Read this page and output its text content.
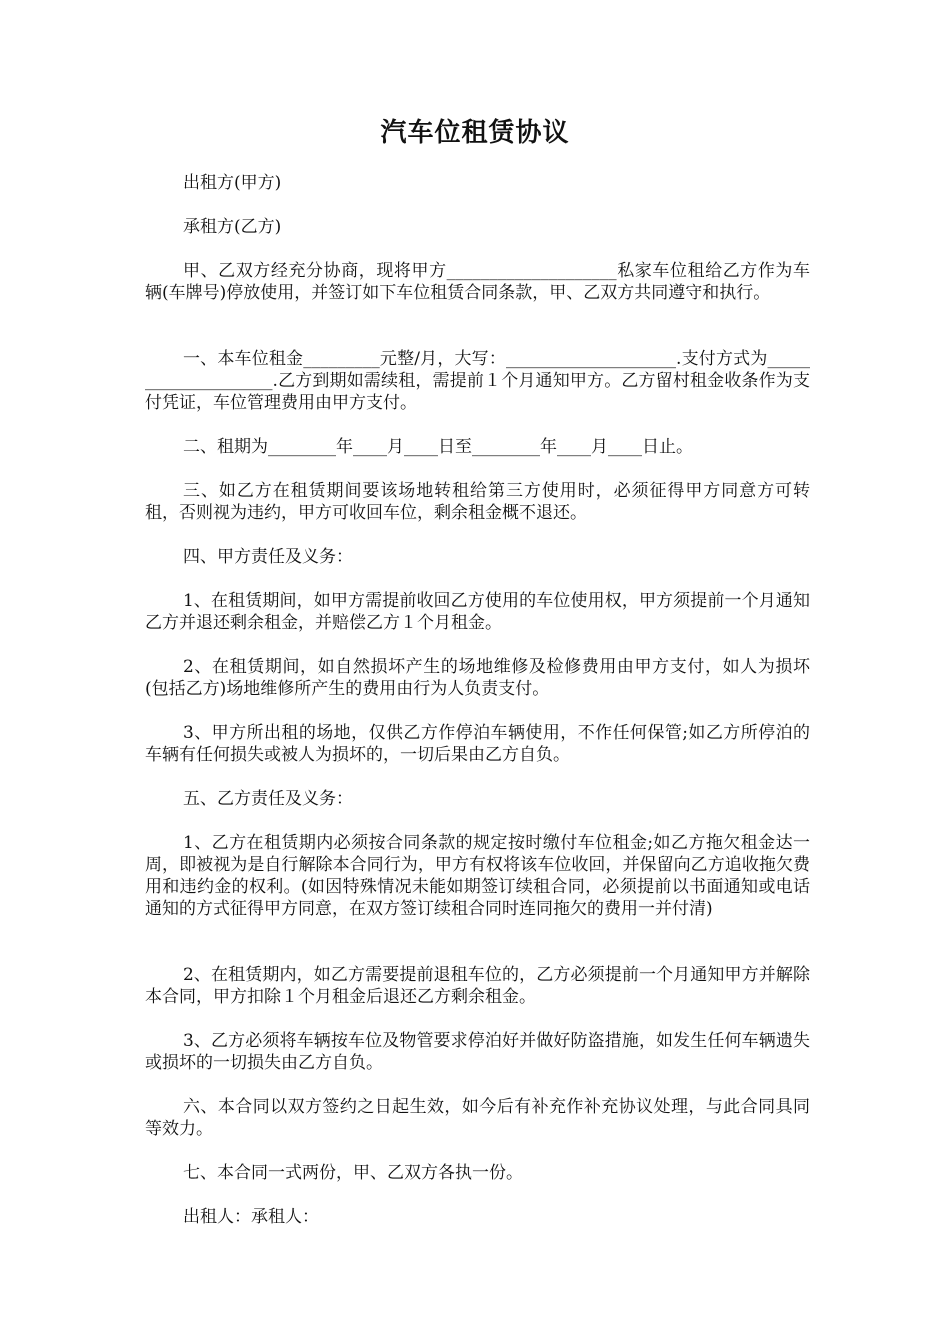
汽车位租赁协议

出租方(甲方)

承租方(乙方)

甲、乙双方经充分协商，现将甲方____________________私家车位租给乙方作为车辆(车牌号)停放使用，并签订如下车位租赁合同条款，甲、乙双方共同遵守和执行。

一、本车位租金_________元整/月，大写：____________________.支付方式为____________________.乙方到期如需续租，需提前１个月通知甲方。乙方留村租金收条作为支付凭证，车位管理费用由甲方支付。

二、租期为________年____月____日至________年____月____日止。

三、如乙方在租赁期间要该场地转租给第三方使用时，必须征得甲方同意方可转租，否则视为违约，甲方可收回车位，剩余租金概不退还。

四、甲方责任及义务：

1、在租赁期间，如甲方需提前收回乙方使用的车位使用权，甲方须提前一个月通知乙方并退还剩余租金，并赔偿乙方１个月租金。

2、在租赁期间，如自然损坏产生的场地维修及检修费用由甲方支付，如人为损坏(包括乙方)场地维修所产生的费用由行为人负责支付。

3、甲方所出租的场地，仅供乙方作停泊车辆使用，不作任何保管;如乙方所停泊的车辆有任何损失或被人为损坏的，一切后果由乙方自负。

五、乙方责任及义务：

1、乙方在租赁期内必须按合同条款的规定按时缴付车位租金;如乙方拖欠租金达一周，即被视为是自行解除本合同行为，甲方有权将该车位收回，并保留向乙方追收拖欠费用和违约金的权利。(如因特殊情况未能如期签订续租合同，必须提前以书面通知或电话通知的方式征得甲方同意，在双方签订续租合同时连同拖欠的费用一并付清)

2、在租赁期内，如乙方需要提前退租车位的，乙方必须提前一个月通知甲方并解除本合同，甲方扣除１个月租金后退还乙方剩余租金。

3、乙方必须将车辆按车位及物管要求停泊好并做好防盗措施，如发生任何车辆遗失或损坏的一切损失由乙方自负。

六、本合同以双方签约之日起生效，如今后有补充作补充协议处理，与此合同具同等效力。

七、本合同一式两份，甲、乙双方各执一份。

出租人：承租人：
